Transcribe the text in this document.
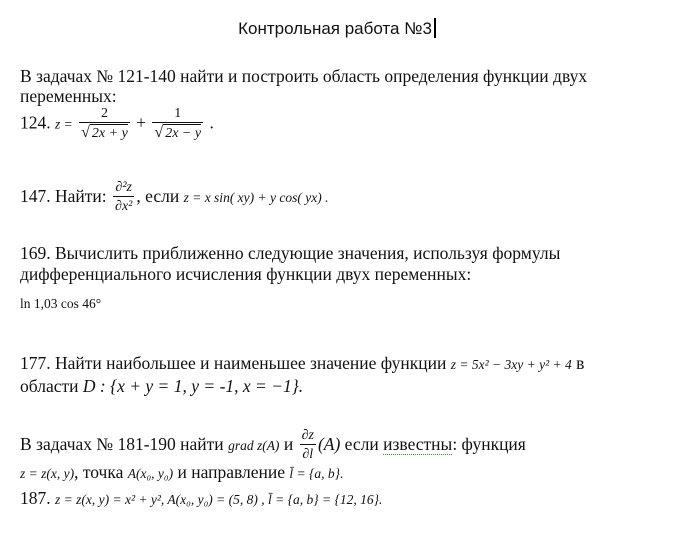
Контрольная работа №3
В задачах № 121-140 найти и построить область определения функции двух
переменных:
124. $z = \frac{2}{√ 2x + y} + \frac{1}{√ 2x - y}$ .
147. Найти: $\frac{\text{∂²z}}{\text{∂x²}}$ , если z = x sin( xy) + y cos( yx) .
169. Вычислить приближенно следующие значения, используя формулы
дифференциального исчисления функции двух переменных:
ln 1,03 cos 46°
177. Найти наибольшее и наименьшее значение функции z = 5x² − 3xy + y² + 4 в
области D : {x + y = 1, y = -1, x = −1}.
В задачах № 181-190 найти grad z(A) и $\frac{\partial z}{\partial l} (A)$ если известны: функция
z = z(x, y), точка A(x₀, y₀) и направление l̄ = {a, b}.
187. z = z(x, y) = x² + y², A(x₀, y₀) = (5, 8) , l̄ = {a, b} = {12, 16}.
